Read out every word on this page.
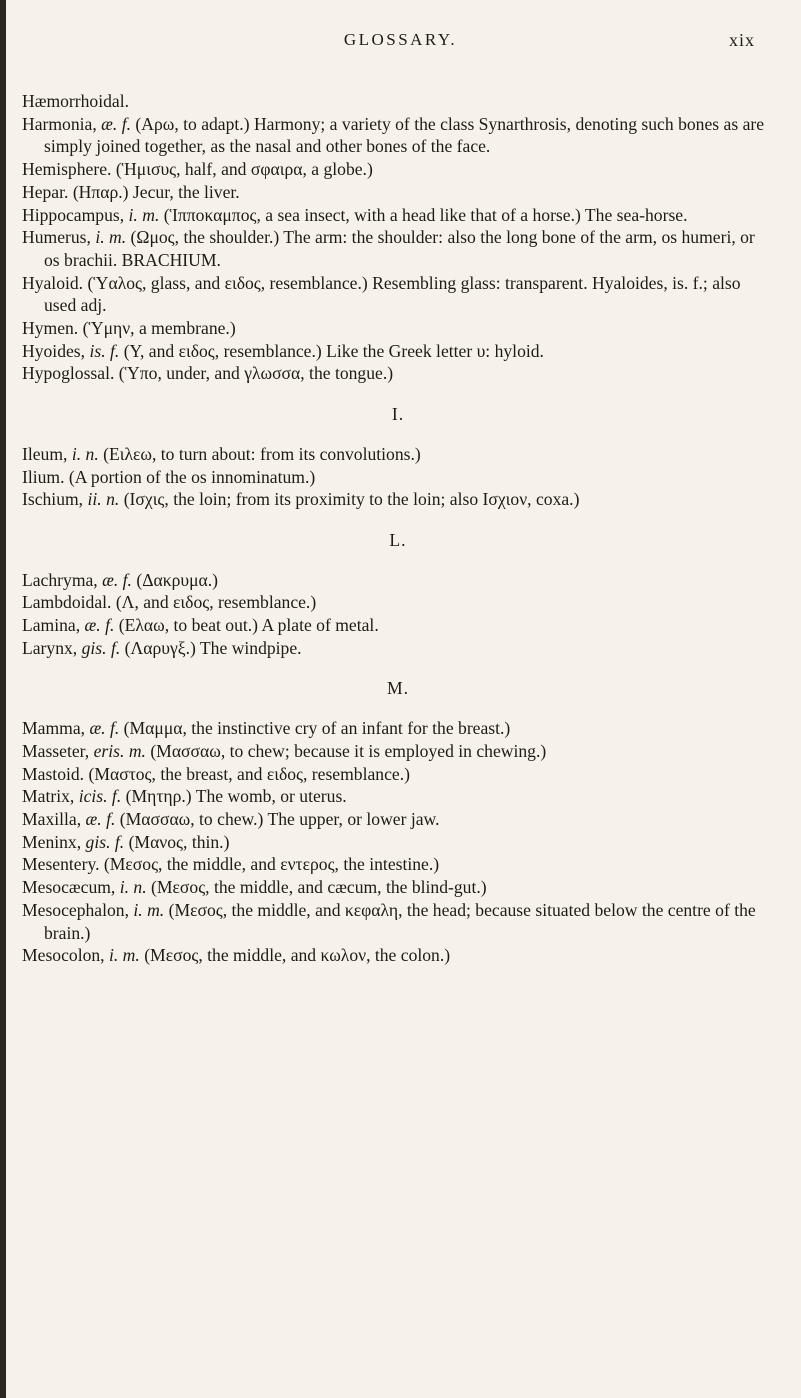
GLOSSARY.	xix

Hæmorrhoidal.

Harmonia, æ. f. (Aρω, to adapt.) Harmony; a variety of the class Synarthrosis, denoting such bones as are simply joined together, as the nasal and other bones of the face.

Hemisphere. (Ἡμισυς, half, and σφαιρα, a globe.)

Hepar. (Ηπαρ.) Jecur, the liver.

Hippocampus, i. m. (Ἱπποκαμπος, a sea insect, with a head like that of a horse.) The sea-horse.

Humerus, i. m. (Ωμος, the shoulder.) The arm: the shoulder: also the long bone of the arm, os humeri, or os brachii. BRACHIUM.

Hyaloid. (Ὑαλος, glass, and ειδος, resemblance.) Resembling glass: transparent. Hyaloides, is. f.; also used adj.

Hymen. (Ὑμην, a membrane.)

Hyoides, is. f. (Υ, and ειδος, resemblance.) Like the Greek letter υ: hyloid.

Hypoglossal. (Ὑπο, under, and γλωσσα, the tongue.)

I.

Ileum, i. n. (Ειλεω, to turn about: from its convolutions.)

Ilium. (A portion of the os innominatum.)

Ischium, ii. n. (Ισχις, the loin; from its proximity to the loin; also Ισχιον, coxa.)

L.

Lachryma, æ. f. (Δακρυμα.)

Lambdoidal. (Λ, and ειδος, resemblance.)

Lamina, æ. f. (Ελαω, to beat out.) A plate of metal.

Larynx, gis. f. (Λαρυγξ.) The windpipe.

M.

Mamma, æ. f. (Μαμμα, the instinctive cry of an infant for the breast.)

Masseter, eris. m. (Μασσαω, to chew; because it is employed in chewing.)

Mastoid. (Μαστος, the breast, and ειδος, resemblance.)

Matrix, icis. f. (Μητηρ.) The womb, or uterus.

Maxilla, æ. f. (Μασσαω, to chew.) The upper, or lower jaw.

Meninx, gis. f. (Μανος, thin.)

Mesentery. (Μεσος, the middle, and εντερος, the intestine.)

Mesocæcum, i. n. (Μεσος, the middle, and cæcum, the blind-gut.)

Mesocephalon, i. m. (Μεσος, the middle, and κεφαλη, the head; because situated below the centre of the brain.)

Mesocolon, i. m. (Μεσος, the middle, and κωλον, the colon.)
